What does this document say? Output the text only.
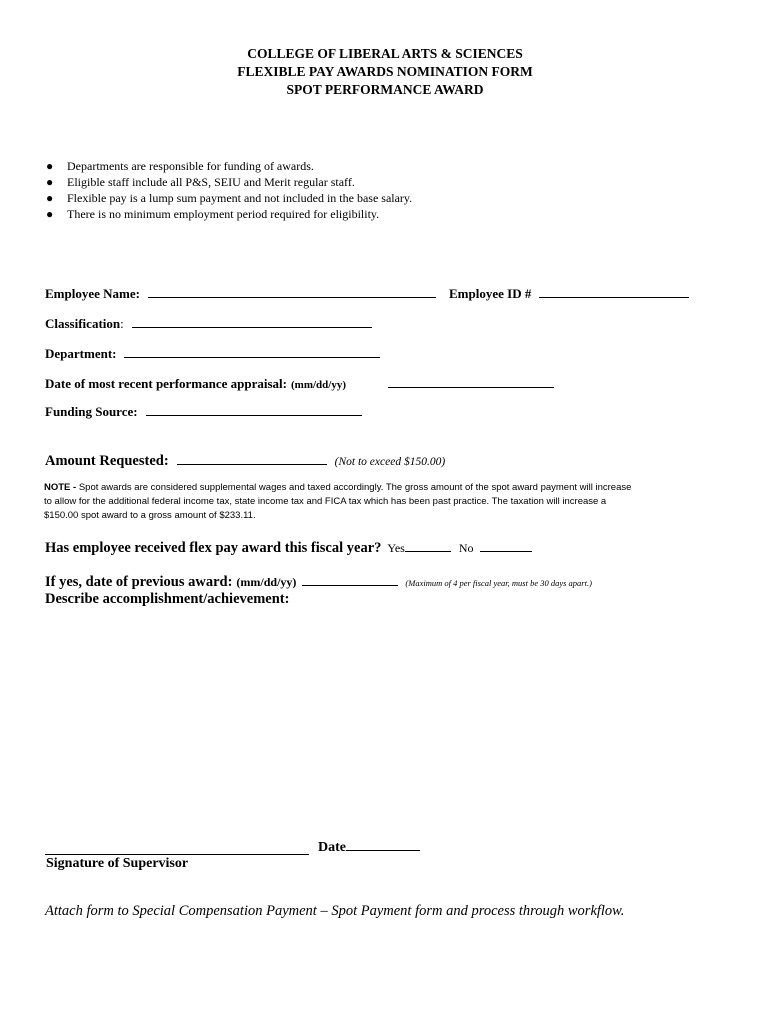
COLLEGE OF LIBERAL ARTS & SCIENCES
FLEXIBLE PAY AWARDS NOMINATION FORM
SPOT PERFORMANCE AWARD
● Departments are responsible for funding of awards.
● Eligible staff include all P&S, SEIU and Merit regular staff.
● Flexible pay is a lump sum payment and not included in the base salary.
● There is no minimum employment period required for eligibility.
Employee Name:	Employee ID #
Classification:
Department:
Date of most recent performance appraisal: (mm/dd/yy)
Funding Source:
Amount Requested:	(Not to exceed $150.00)
NOTE - Spot awards are considered supplemental wages and taxed accordingly. The gross amount of the spot award payment will increase to allow for the additional federal income tax, state income tax and FICA tax which has been past practice. The taxation will increase a $150.00 spot award to a gross amount of $233.11.
Has employee received flex pay award this fiscal year? Yes	No
If yes, date of previous award: (mm/dd/yy)	(Maximum of 4 per fiscal year, must be 30 days apart.)
Describe accomplishment/achievement:
Date
Signature of Supervisor
Attach form to Special Compensation Payment – Spot Payment form and process through workflow.
